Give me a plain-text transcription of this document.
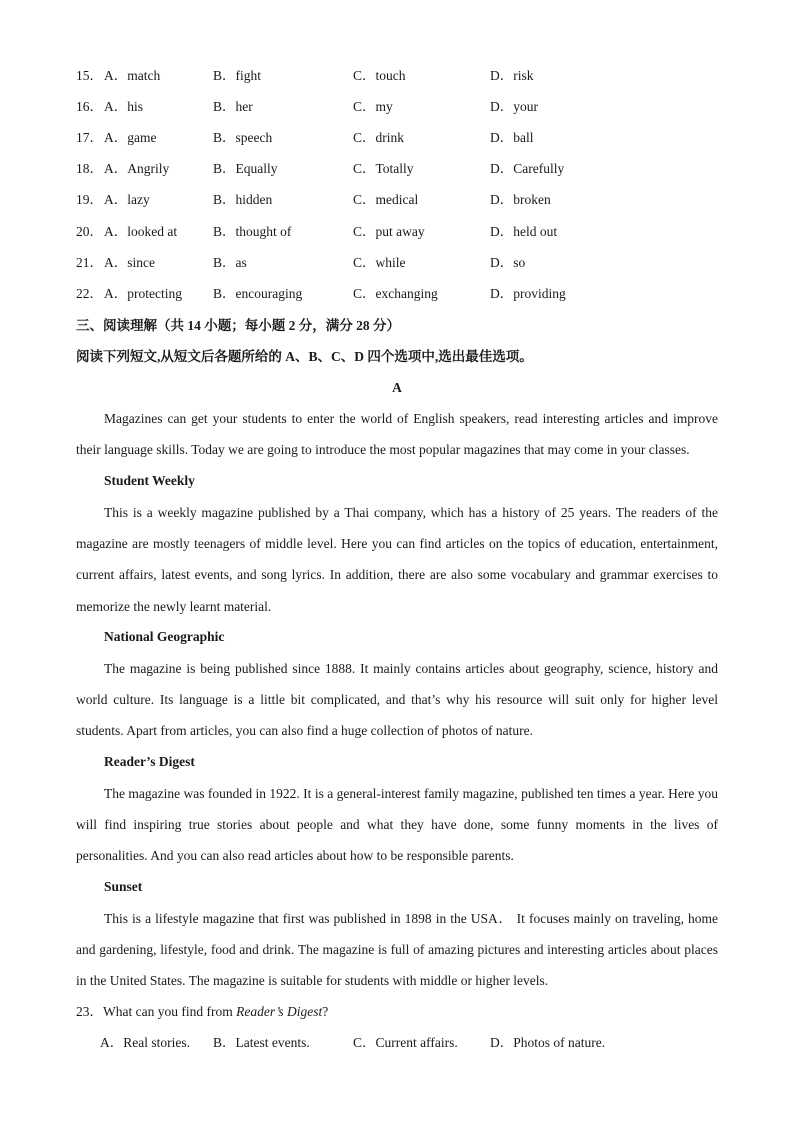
15． A．match	B．fight	C．touch	D．risk
16． A．his	B．her	C．my	D．your
17． A．game	B．speech	C．drink	D．ball
18． A．Angrily	B．Equally	C．Totally	D．Carefully
19． A．lazy	B．hidden	C．medical	D．broken
20． A．looked at	B．thought of	C．put away	D．held out
21． A．since	B．as	C．while	D．so
22． A．protecting B．encouraging	C．exchanging	D．providing
三、阅读理解（共 14 小题；每小题 2 分，满分 28 分）
阅读下列短文,从短文后各题所给的 A、B、C、D 四个选项中,选出最佳选项。
A

Magazines can get your students to enter the world of English speakers, read interesting articles and improve their language skills. Today we are going to introduce the most popular magazines that may come in your classes.

Student Weekly

This is a weekly magazine published by a Thai company, which has a history of 25 years. The readers of the magazine are mostly teenagers of middle level. Here you can find articles on the topics of education, entertainment, current affairs, latest events, and song lyrics. In addition, there are also some vocabulary and grammar exercises to memorize the newly learnt material.

National Geographic

The magazine is being published since 1888. It mainly contains articles about geography, science, history and world culture. Its language is a little bit complicated, and that’s why his resource will suit only for higher level students. Apart from articles, you can also find a huge collection of photos of nature.

Reader’s Digest

The magazine was founded in 1922. It is a general-interest family magazine, published ten times a year. Here you will find inspiring true stories about people and what they have done, some funny moments in the lives of personalities. And you can also read articles about how to be responsible parents.

Sunset

This is a lifestyle magazine that first was published in 1898 in the USA． It focuses mainly on traveling, home and gardening, lifestyle, food and drink. The magazine is full of amazing pictures and interesting articles about places in the United States. The magazine is suitable for students with middle or higher levels.

23．What can you find from Reader’s Digest?
A．Real stories. B．Latest events.	C．Current affairs. D．Photos of nature.
